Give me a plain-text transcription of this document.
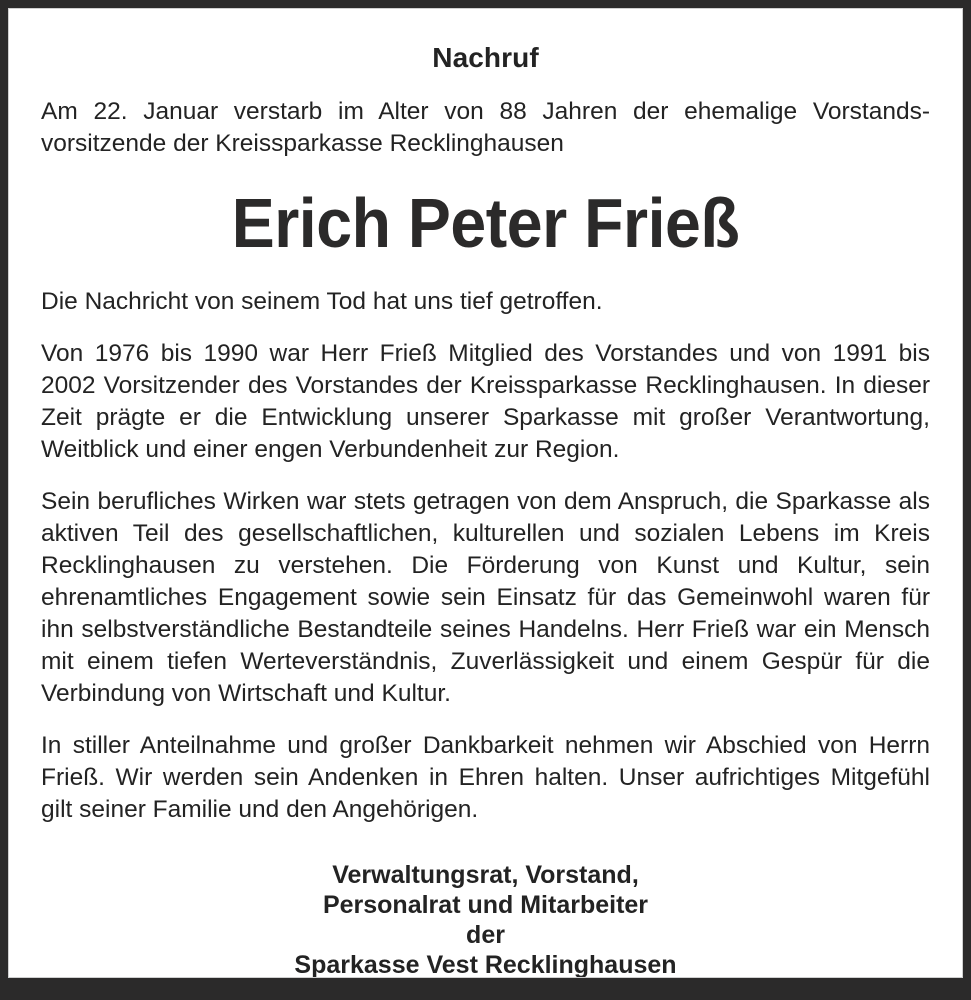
Nachruf

Am 22. Januar verstarb im Alter von 88 Jahren der ehemalige Vorstands-vorsitzende der Kreissparkasse Recklinghausen

Erich Peter Frieß

Die Nachricht von seinem Tod hat uns tief getroffen.

Von 1976 bis 1990 war Herr Frieß Mitglied des Vorstandes und von 1991 bis 2002 Vorsitzender des Vorstandes der Kreissparkasse Recklinghausen. In dieser Zeit prägte er die Entwicklung unserer Sparkasse mit großer Verantwortung, Weitblick und einer engen Verbundenheit zur Region.

Sein berufliches Wirken war stets getragen von dem Anspruch, die Sparkasse als aktiven Teil des gesellschaftlichen, kulturellen und sozialen Lebens im Kreis Recklinghausen zu verstehen. Die Förderung von Kunst und Kultur, sein ehrenamtliches Engagement sowie sein Einsatz für das Gemeinwohl waren für ihn selbstverständliche Bestandteile seines Handelns. Herr Frieß war ein Mensch mit einem tiefen Werteverständnis, Zuverlässigkeit und einem Gespür für die Verbindung von Wirtschaft und Kultur.

In stiller Anteilnahme und großer Dankbarkeit nehmen wir Abschied von Herrn Frieß. Wir werden sein Andenken in Ehren halten. Unser aufrichtiges Mitgefühl gilt seiner Familie und den Angehörigen.

Verwaltungsrat, Vorstand,
Personalrat und Mitarbeiter
der
Sparkasse Vest Recklinghausen
